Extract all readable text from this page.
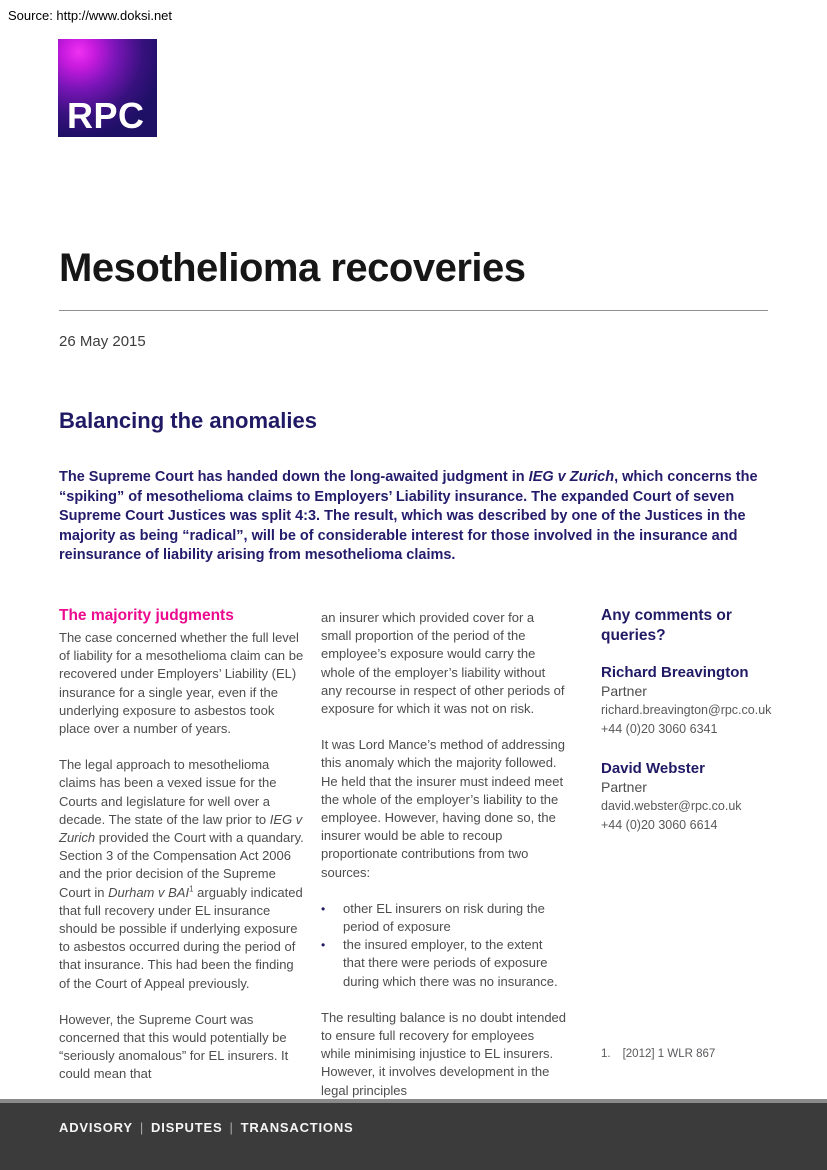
Source: http://www.doksi.net
RPC
Mesothelioma recoveries
26 May 2015
Balancing the anomalies

The Supreme Court has handed down the long-awaited judgment in IEG v Zurich, which concerns the “spiking” of mesothelioma claims to Employers’ Liability insurance. The expanded Court of seven Supreme Court Justices was split 4:3. The result, which was described by one of the Justices in the majority as being “radical”, will be of considerable interest for those involved in the insurance and reinsurance of liability arising from mesothelioma claims.

The majority judgments

The case concerned whether the full level of liability for a mesothelioma claim can be recovered under Employers’ Liability (EL) insurance for a single year, even if the underlying exposure to asbestos took place over a number of years.

The legal approach to mesothelioma claims has been a vexed issue for the Courts and legislature for well over a decade. The state of the law prior to IEG v Zurich provided the Court with a quandary. Section 3 of the Compensation Act 2006 and the prior decision of the Supreme Court in Durham v BAI$^1$ arguably indicated that full recovery under EL insurance should be possible if underlying exposure to asbestos occurred during the period of that insurance. This had been the finding of the Court of Appeal previously.

However, the Supreme Court was concerned that this would potentially be “seriously anomalous” for EL insurers. It could mean that

an insurer which provided cover for a small proportion of the period of the employee’s exposure would carry the whole of the employer’s liability without any recourse in respect of other periods of exposure for which it was not on risk.

It was Lord Mance’s method of addressing this anomaly which the majority followed. He held that the insurer must indeed meet the whole of the employer’s liability to the employee. However, having done so, the insurer would be able to recoup proportionate contributions from two sources:

•	other EL insurers on risk during the period of exposure
•	the insured employer, to the extent that there were periods of exposure during which there was no insurance.

The resulting balance is no doubt intended to ensure full recovery for employees while minimising injustice to EL insurers. However, it involves development in the legal principles

Any comments or queries?
Richard Breavington
Partner
richard.breavington@rpc.co.uk
+44 (0)20 3060 6341
David Webster
Partner
david.webster@rpc.co.uk
+44 (0)20 3060 6614
1. [2012] 1 WLR 867
ADVISORY | DISPUTES | TRANSACTIONS
